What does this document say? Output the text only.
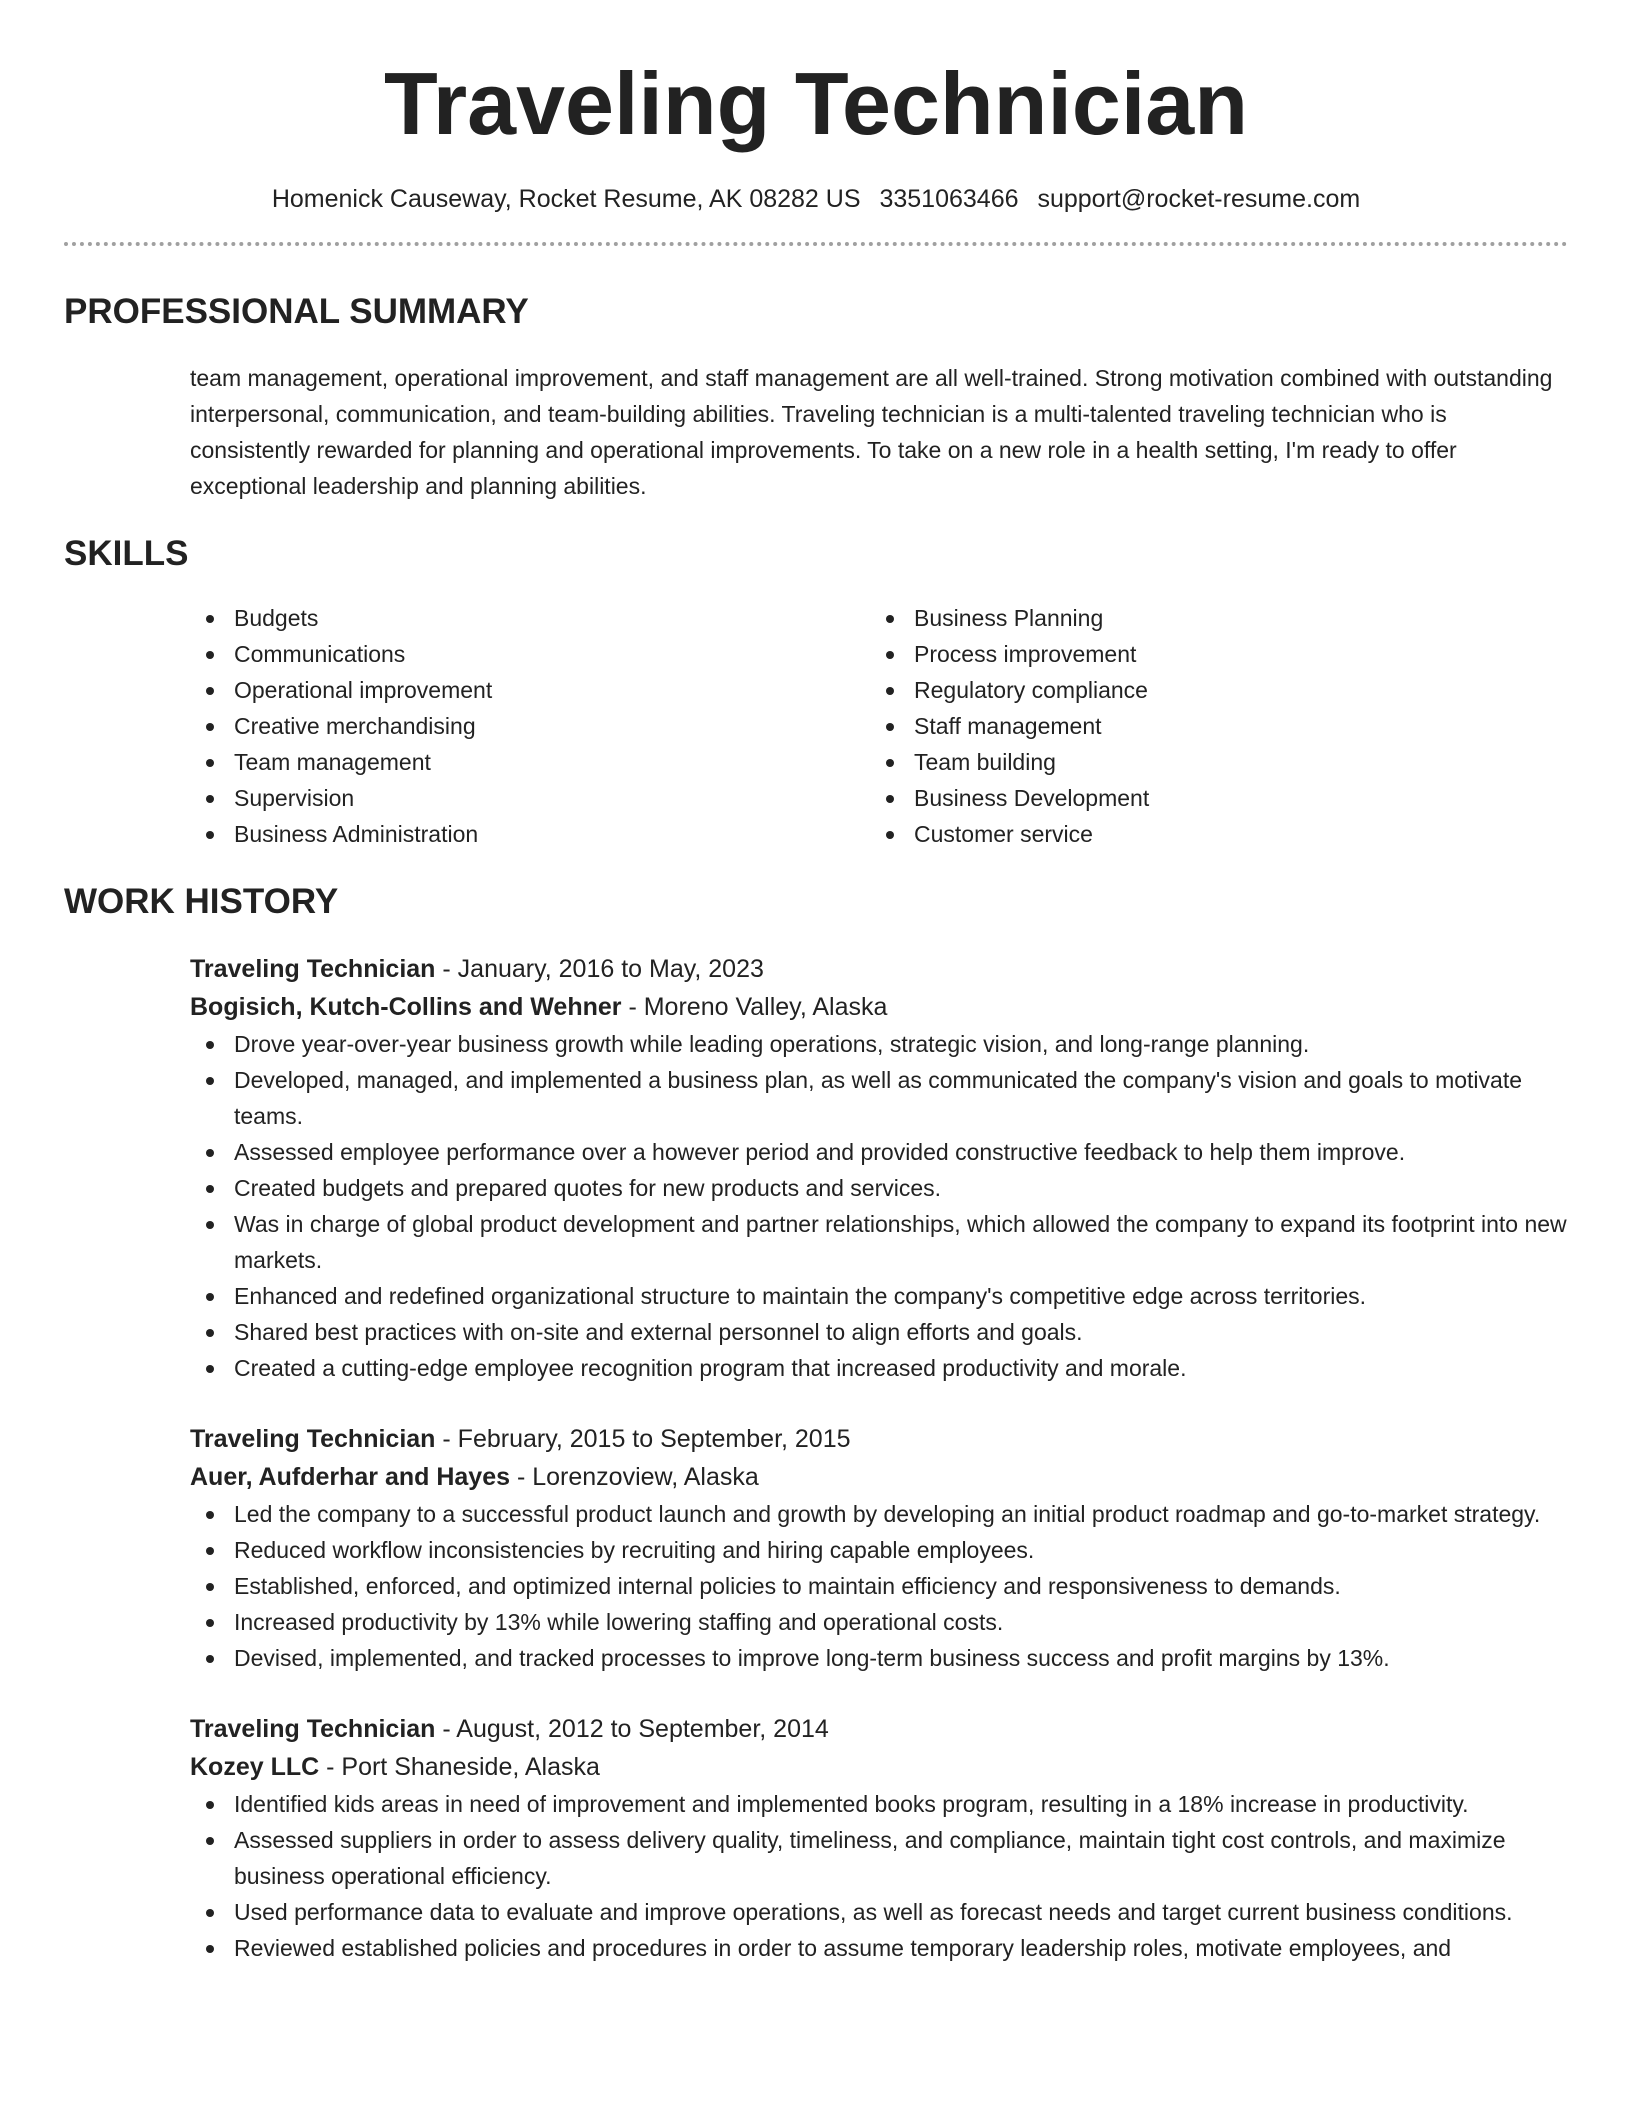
Traveling Technician
Homenick Causeway, Rocket Resume, AK 08282 US 3351063466 support@rocket-resume.com
PROFESSIONAL SUMMARY

team management, operational improvement, and staff management are all well-trained. Strong motivation combined with outstanding interpersonal, communication, and team-building abilities. Traveling technician is a multi-talented traveling technician who is consistently rewarded for planning and operational improvements. To take on a new role in a health setting, I'm ready to offer exceptional leadership and planning abilities.

SKILLS
Budgets
Communications
Operational improvement
Creative merchandising
Team management
Supervision
Business Administration
Business Planning
Process improvement
Regulatory compliance
Staff management
Team building
Business Development
Customer service
WORK HISTORY
Traveling Technician - January, 2016 to May, 2023
Bogisich, Kutch-Collins and Wehner - Moreno Valley, Alaska
Drove year-over-year business growth while leading operations, strategic vision, and long-range planning.
Developed, managed, and implemented a business plan, as well as communicated the company's vision and goals to motivate teams.
Assessed employee performance over a however period and provided constructive feedback to help them improve.
Created budgets and prepared quotes for new products and services.
Was in charge of global product development and partner relationships, which allowed the company to expand its footprint into new markets.
Enhanced and redefined organizational structure to maintain the company's competitive edge across territories.
Shared best practices with on-site and external personnel to align efforts and goals.
Created a cutting-edge employee recognition program that increased productivity and morale.
Traveling Technician - February, 2015 to September, 2015
Auer, Aufderhar and Hayes - Lorenzoview, Alaska
Led the company to a successful product launch and growth by developing an initial product roadmap and go-to-market strategy.
Reduced workflow inconsistencies by recruiting and hiring capable employees.
Established, enforced, and optimized internal policies to maintain efficiency and responsiveness to demands.
Increased productivity by 13% while lowering staffing and operational costs.
Devised, implemented, and tracked processes to improve long-term business success and profit margins by 13%.
Traveling Technician - August, 2012 to September, 2014
Kozey LLC - Port Shaneside, Alaska
Identified kids areas in need of improvement and implemented books program, resulting in a 18% increase in productivity.
Assessed suppliers in order to assess delivery quality, timeliness, and compliance, maintain tight cost controls, and maximize business operational efficiency.
Used performance data to evaluate and improve operations, as well as forecast needs and target current business conditions.
Reviewed established policies and procedures in order to assume temporary leadership roles, motivate employees, and
